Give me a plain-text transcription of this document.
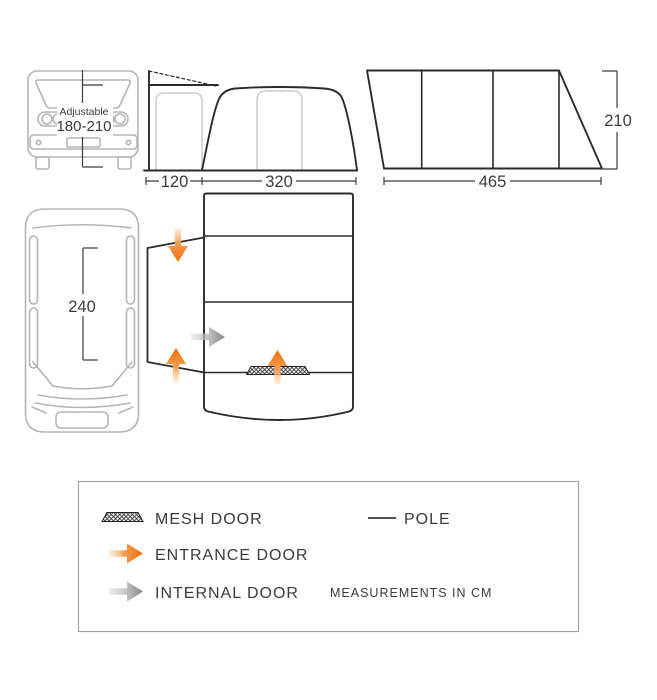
Adjustable
180-210
120	320	465
210
240
MESH DOOR	POLE
ENTRANCE DOOR
INTERNAL DOOR MEASUREMENTS IN CM
